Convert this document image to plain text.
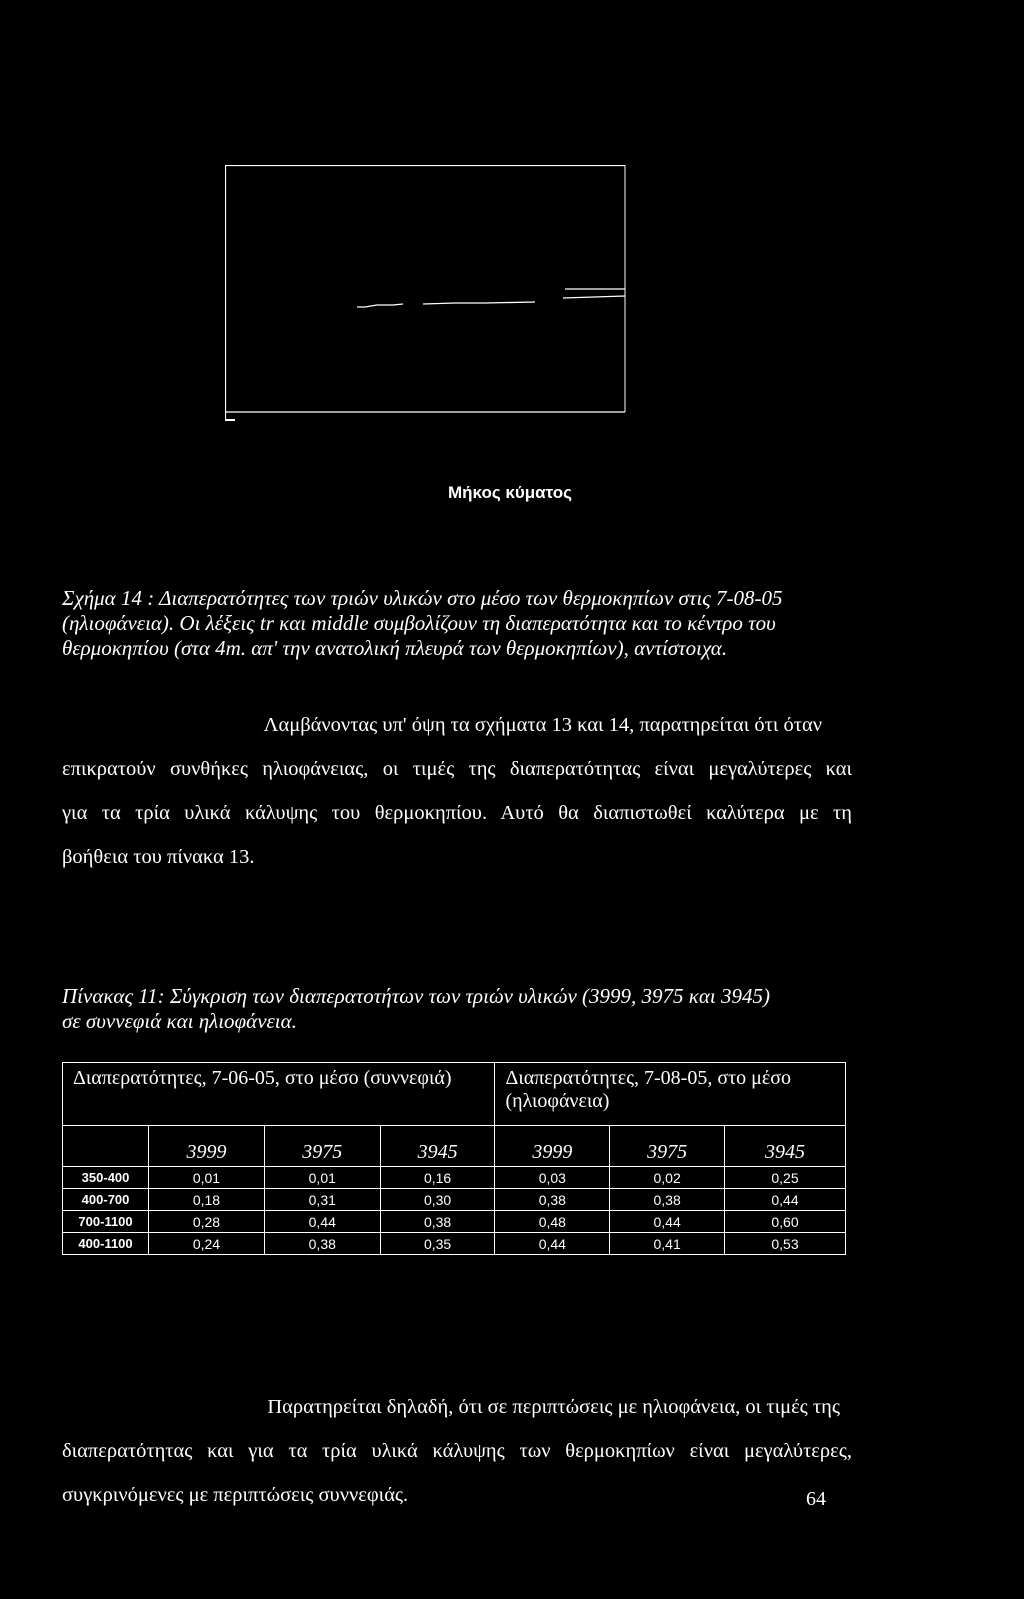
Μήκος κύματος
Σχήμα 14 : Διαπερατότητες των τριών υλικών στο μέσο των θερμοκηπίων στις 7-08-05
(ηλιοφάνεια). Οι λέξεις tr και middle συμβολίζουν τη διαπερατότητα και το κέντρο του
θερμοκηπίου (στα 4m. απ' την ανατολική πλευρά των θερμοκηπίων), αντίστοιχα.
Λαμβάνοντας υπ' όψη τα σχήματα 13 και 14, παρατηρείται ότι όταν
επικρατούν συνθήκες ηλιοφάνειας, οι τιμές της διαπερατότητας είναι μεγαλύτερες και
για τα τρία υλικά κάλυψης του θερμοκηπίου. Αυτό θα διαπιστωθεί καλύτερα με τη
βοήθεια του πίνακα 13.
Πίνακας 11: Σύγκριση των διαπερατοτήτων των τριών υλικών (3999, 3975 και 3945)
σε συννεφιά και ηλιοφάνεια.
Διαπερατότητες, 7-06-05, στο μέσο (συννεφιά)				Διαπερατότητες, 7-08-05, στο μέσο (ηλιοφάνεια)		
	3999	3975	3945	3999	3975	3945
350-400	0,01	0,01	0,16	0,03	0,02	0,25
400-700	0,18	0,31	0,30	0,38	0,38	0,44
700-1100	0,28	0,44	0,38	0,48	0,44	0,60
400-1100	0,24	0,38	0,35	0,44	0,41	0,53
Παρατηρείται δηλαδή, ότι σε περιπτώσεις με ηλιοφάνεια, οι τιμές της
διαπερατότητας και για τα τρία υλικά κάλυψης των θερμοκηπίων είναι μεγαλύτερες,
συγκρινόμενες με περιπτώσεις συννεφιάς.	64
